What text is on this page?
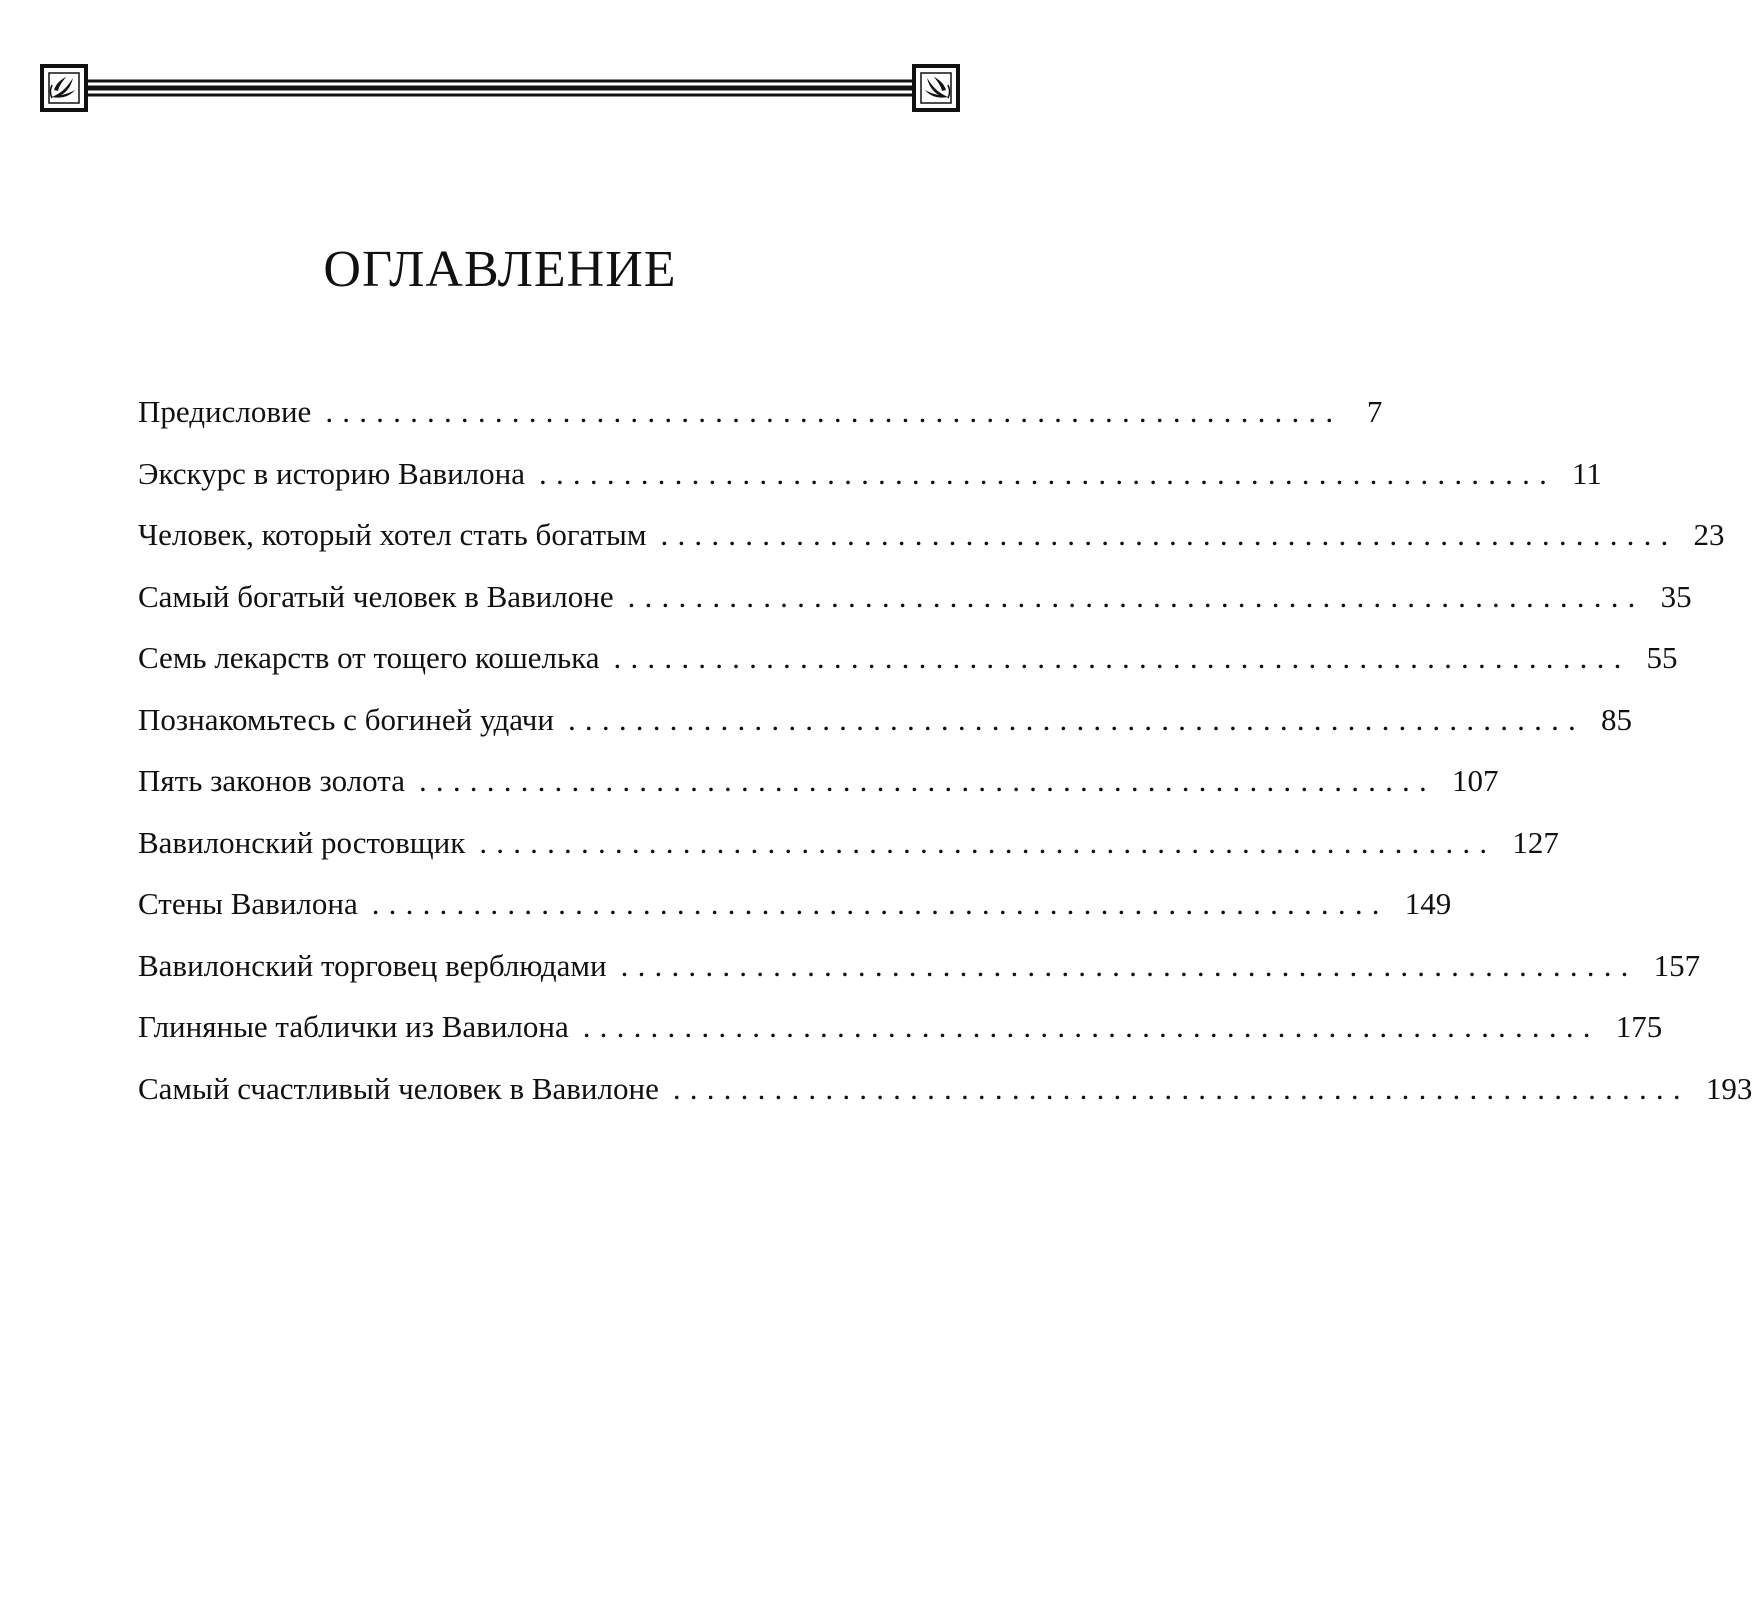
ОГЛАВЛЕНИЕ
Предисловие ............................................................ 7
Экскурс в историю Вавилона ............................................................ 11
Человек, который хотел стать богатым ............................................................ 23
Самый богатый человек в Вавилоне ............................................................ 35
Семь лекарств от тощего кошелька ............................................................ 55
Познакомьтесь с богиней удачи ............................................................ 85
Пять законов золота ............................................................ 107
Вавилонский ростовщик ............................................................ 127
Стены Вавилона ............................................................ 149
Вавилонский торговец верблюдами ............................................................ 157
Глиняные таблички из Вавилона ............................................................ 175
Самый счастливый человек в Вавилоне ............................................................ 193
